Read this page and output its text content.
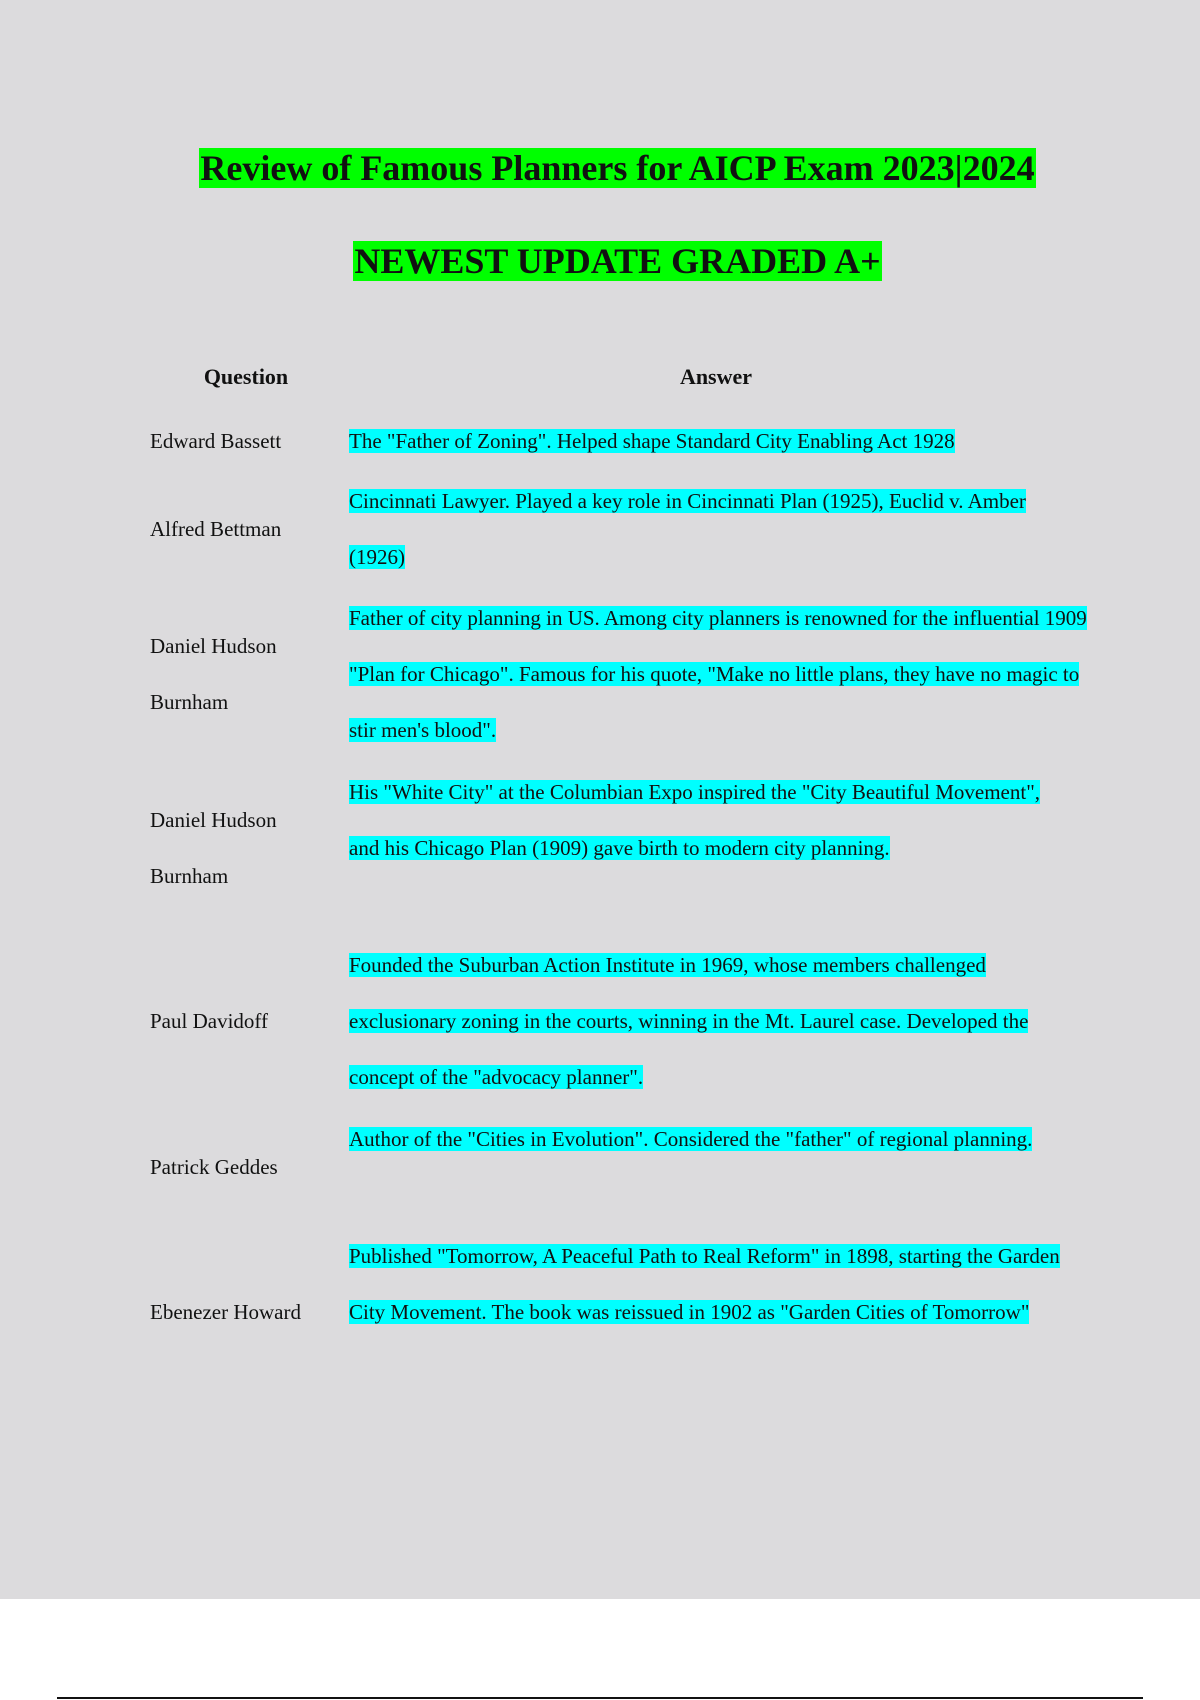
Review of Famous Planners for AICP Exam 2023|2024
NEWEST UPDATE GRADED A+
Question	Answer
Edward Bassett	The "Father of Zoning". Helped shape Standard City Enabling Act 1928
Alfred Bettman
Cincinnati Lawyer. Played a key role in Cincinnati Plan (1925), Euclid v. Amber (1926)
Daniel Hudson Burnham
Father of city planning in US. Among city planners is renowned for the influential 1909 "Plan for Chicago". Famous for his quote, "Make no little plans, they have no magic to stir men's blood".
Daniel Hudson Burnham
His "White City" at the Columbian Expo inspired the "City Beautiful Movement", and his Chicago Plan (1909) gave birth to modern city planning.
Paul Davidoff
Founded the Suburban Action Institute in 1969, whose members challenged exclusionary zoning in the courts, winning in the Mt. Laurel case. Developed the concept of the "advocacy planner".
Patrick Geddes
Author of the "Cities in Evolution". Considered the "father" of regional planning.
Ebenezer Howard
Published "Tomorrow, A Peaceful Path to Real Reform" in 1898, starting the Garden City Movement. The book was reissued in 1902 as "Garden Cities of Tomorrow"
